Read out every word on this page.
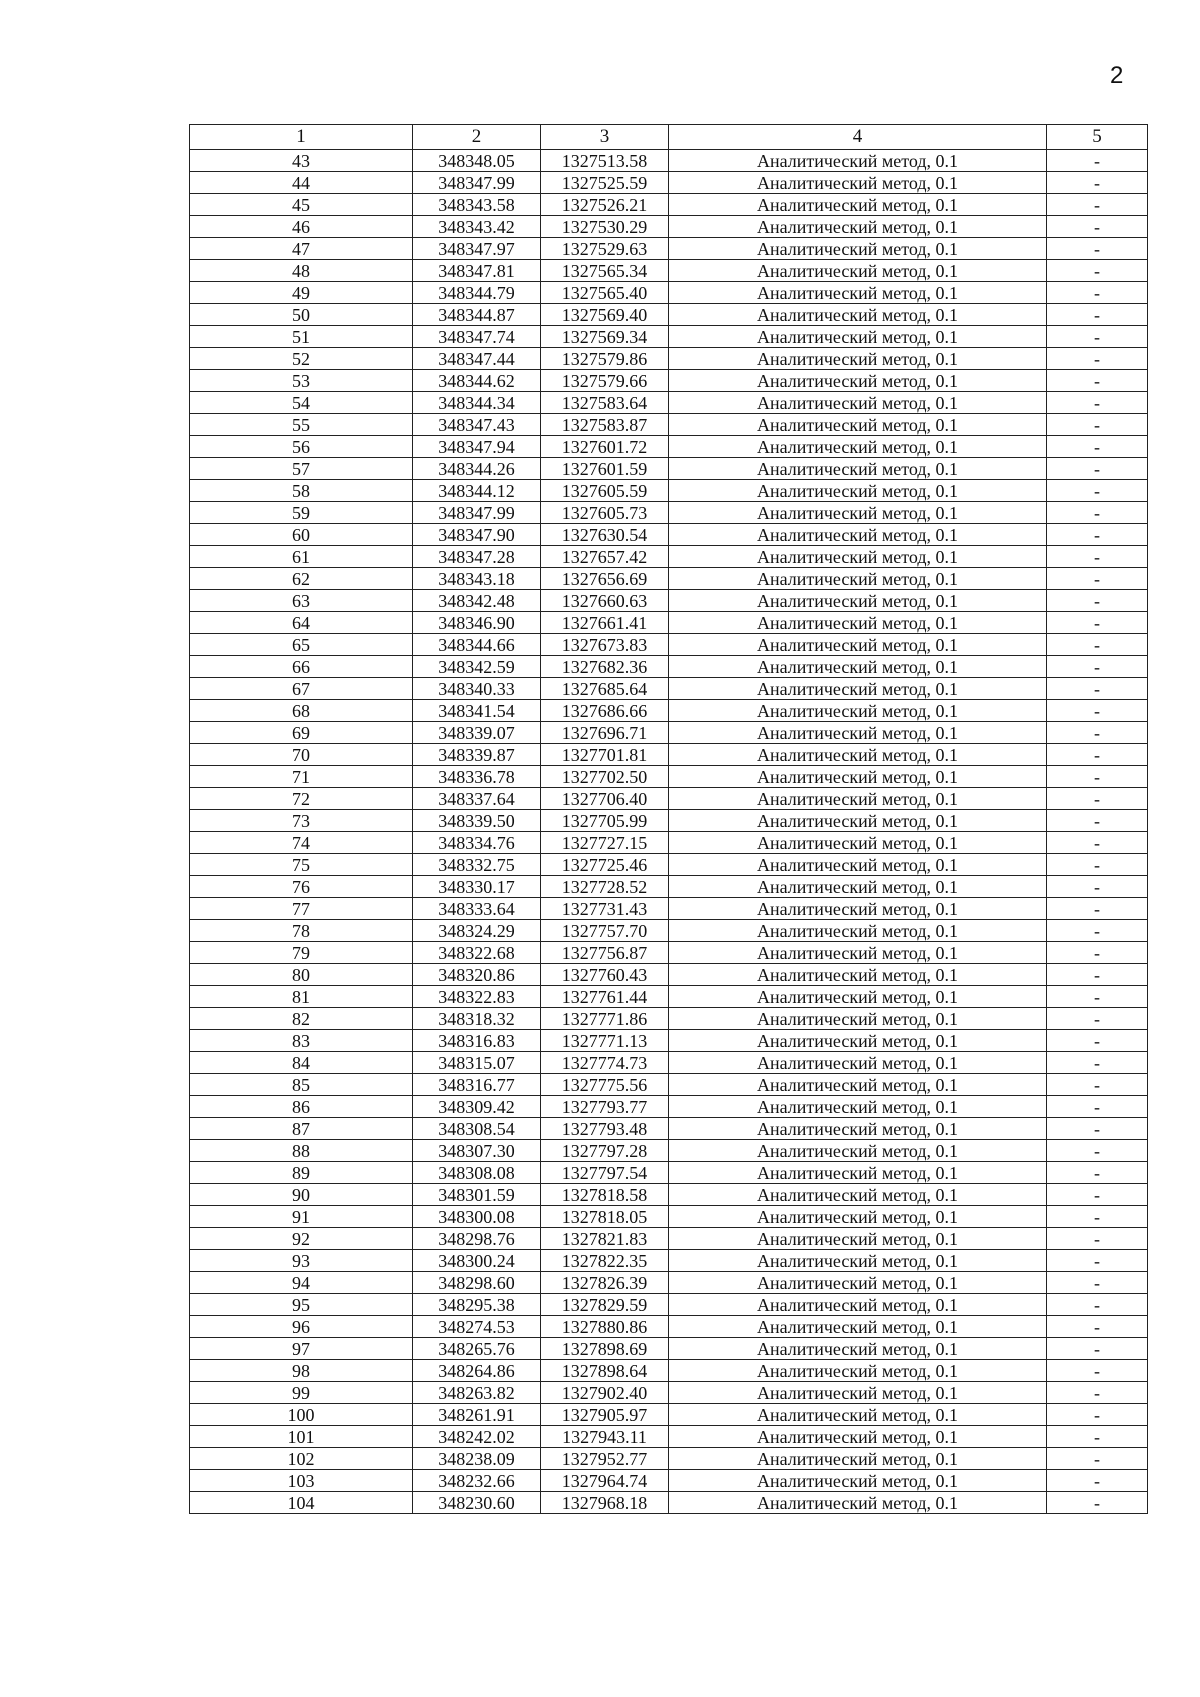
2
1	2	3	4	5
43	348348.05	1327513.58	Аналитический метод, 0.1	-
44	348347.99	1327525.59	Аналитический метод, 0.1	-
45	348343.58	1327526.21	Аналитический метод, 0.1	-
46	348343.42	1327530.29	Аналитический метод, 0.1	-
47	348347.97	1327529.63	Аналитический метод, 0.1	-
48	348347.81	1327565.34	Аналитический метод, 0.1	-
49	348344.79	1327565.40	Аналитический метод, 0.1	-
50	348344.87	1327569.40	Аналитический метод, 0.1	-
51	348347.74	1327569.34	Аналитический метод, 0.1	-
52	348347.44	1327579.86	Аналитический метод, 0.1	-
53	348344.62	1327579.66	Аналитический метод, 0.1	-
54	348344.34	1327583.64	Аналитический метод, 0.1	-
55	348347.43	1327583.87	Аналитический метод, 0.1	-
56	348347.94	1327601.72	Аналитический метод, 0.1	-
57	348344.26	1327601.59	Аналитический метод, 0.1	-
58	348344.12	1327605.59	Аналитический метод, 0.1	-
59	348347.99	1327605.73	Аналитический метод, 0.1	-
60	348347.90	1327630.54	Аналитический метод, 0.1	-
61	348347.28	1327657.42	Аналитический метод, 0.1	-
62	348343.18	1327656.69	Аналитический метод, 0.1	-
63	348342.48	1327660.63	Аналитический метод, 0.1	-
64	348346.90	1327661.41	Аналитический метод, 0.1	-
65	348344.66	1327673.83	Аналитический метод, 0.1	-
66	348342.59	1327682.36	Аналитический метод, 0.1	-
67	348340.33	1327685.64	Аналитический метод, 0.1	-
68	348341.54	1327686.66	Аналитический метод, 0.1	-
69	348339.07	1327696.71	Аналитический метод, 0.1	-
70	348339.87	1327701.81	Аналитический метод, 0.1	-
71	348336.78	1327702.50	Аналитический метод, 0.1	-
72	348337.64	1327706.40	Аналитический метод, 0.1	-
73	348339.50	1327705.99	Аналитический метод, 0.1	-
74	348334.76	1327727.15	Аналитический метод, 0.1	-
75	348332.75	1327725.46	Аналитический метод, 0.1	-
76	348330.17	1327728.52	Аналитический метод, 0.1	-
77	348333.64	1327731.43	Аналитический метод, 0.1	-
78	348324.29	1327757.70	Аналитический метод, 0.1	-
79	348322.68	1327756.87	Аналитический метод, 0.1	-
80	348320.86	1327760.43	Аналитический метод, 0.1	-
81	348322.83	1327761.44	Аналитический метод, 0.1	-
82	348318.32	1327771.86	Аналитический метод, 0.1	-
83	348316.83	1327771.13	Аналитический метод, 0.1	-
84	348315.07	1327774.73	Аналитический метод, 0.1	-
85	348316.77	1327775.56	Аналитический метод, 0.1	-
86	348309.42	1327793.77	Аналитический метод, 0.1	-
87	348308.54	1327793.48	Аналитический метод, 0.1	-
88	348307.30	1327797.28	Аналитический метод, 0.1	-
89	348308.08	1327797.54	Аналитический метод, 0.1	-
90	348301.59	1327818.58	Аналитический метод, 0.1	-
91	348300.08	1327818.05	Аналитический метод, 0.1	-
92	348298.76	1327821.83	Аналитический метод, 0.1	-
93	348300.24	1327822.35	Аналитический метод, 0.1	-
94	348298.60	1327826.39	Аналитический метод, 0.1	-
95	348295.38	1327829.59	Аналитический метод, 0.1	-
96	348274.53	1327880.86	Аналитический метод, 0.1	-
97	348265.76	1327898.69	Аналитический метод, 0.1	-
98	348264.86	1327898.64	Аналитический метод, 0.1	-
99	348263.82	1327902.40	Аналитический метод, 0.1	-
100	348261.91	1327905.97	Аналитический метод, 0.1	-
101	348242.02	1327943.11	Аналитический метод, 0.1	-
102	348238.09	1327952.77	Аналитический метод, 0.1	-
103	348232.66	1327964.74	Аналитический метод, 0.1	-
104	348230.60	1327968.18	Аналитический метод, 0.1	-
